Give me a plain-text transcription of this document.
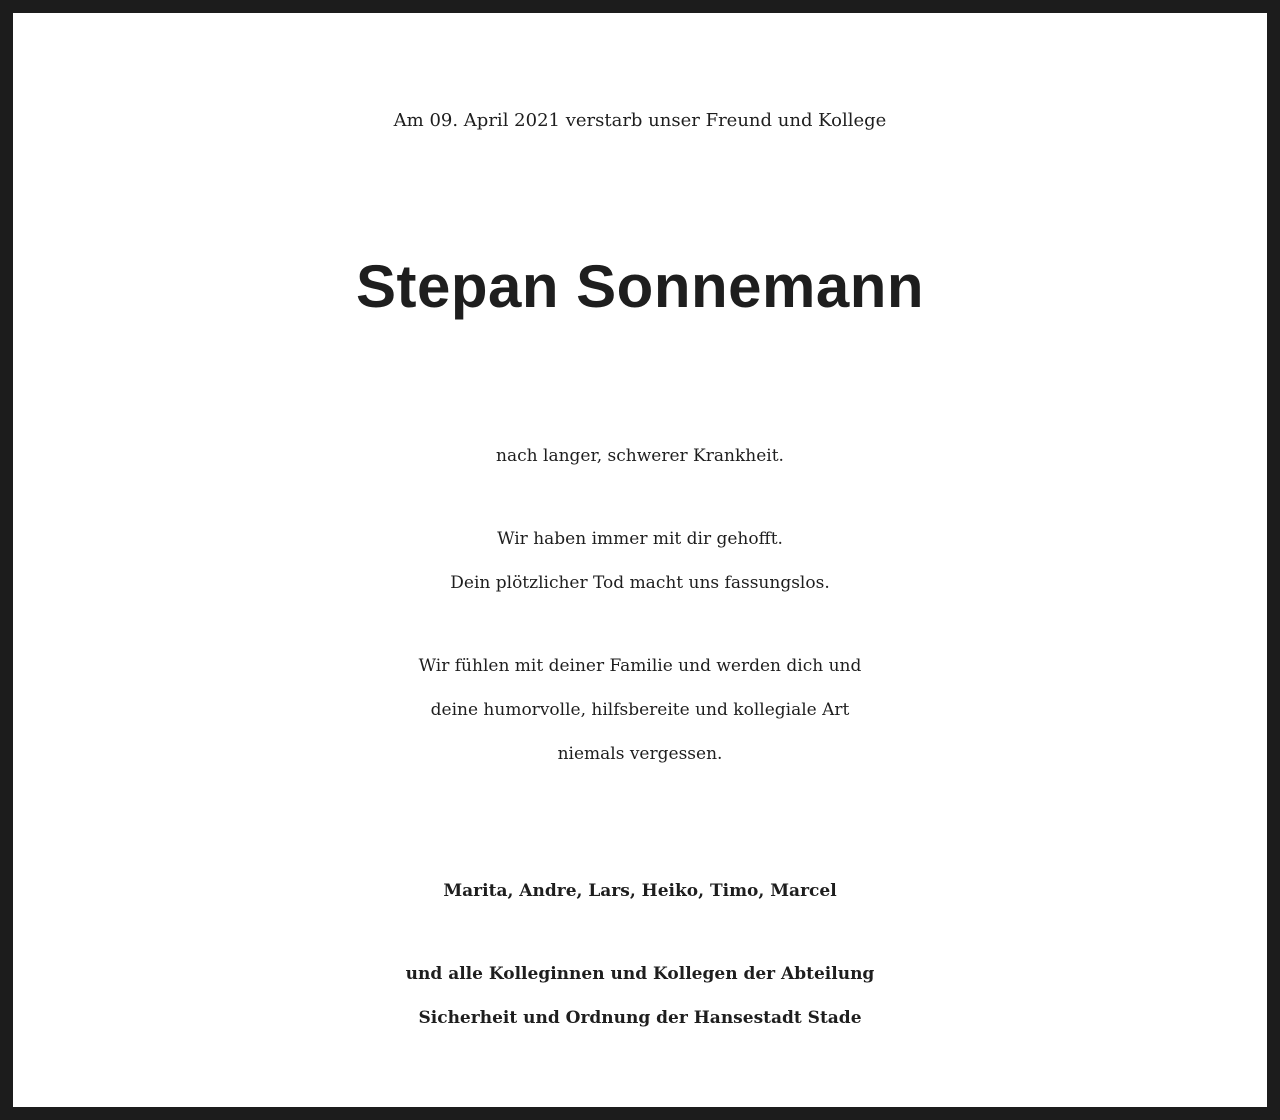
Am 09. April 2021 verstarb unser Freund und Kollege
Stepan Sonnemann
nach langer, schwerer Krankheit.
Wir haben immer mit dir gehofft.
Dein plötzlicher Tod macht uns fassungslos.
Wir fühlen mit deiner Familie und werden dich und
deine humorvolle, hilfsbereite und kollegiale Art
niemals vergessen.
Marita, Andre, Lars, Heiko, Timo, Marcel
und alle Kolleginnen und Kollegen der Abteilung
Sicherheit und Ordnung der Hansestadt Stade
